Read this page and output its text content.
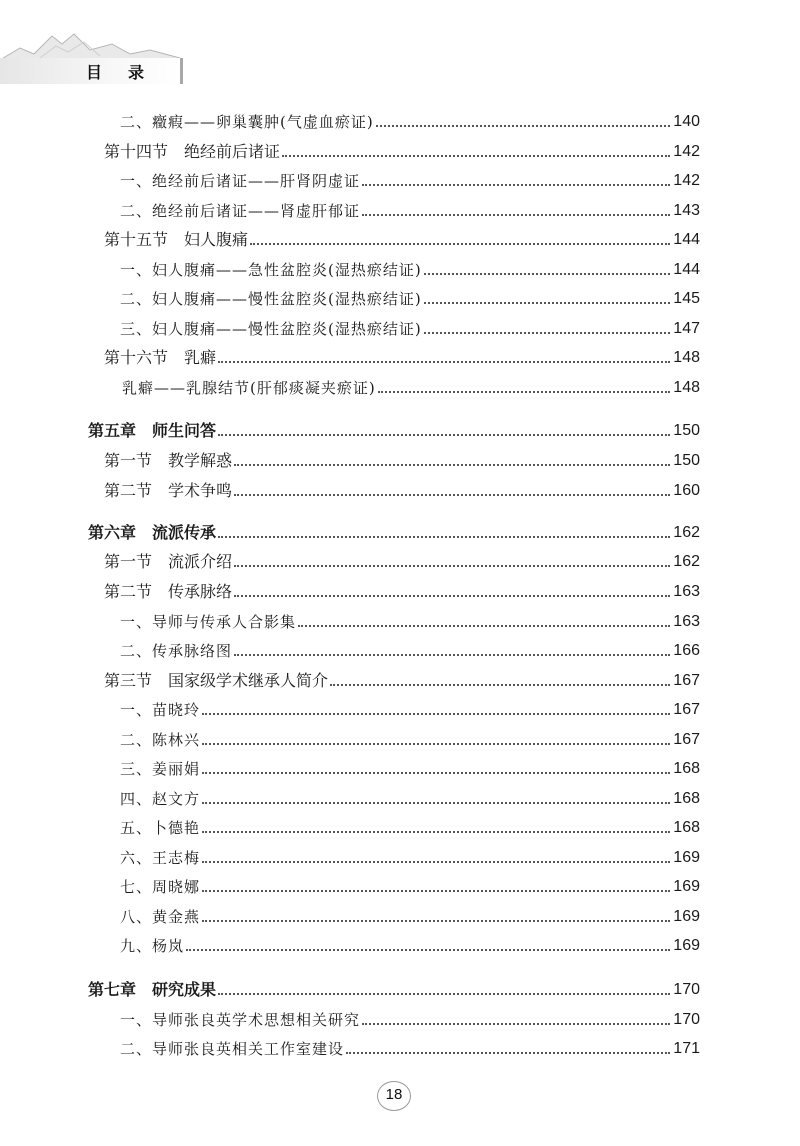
目录
二、癥瘕——卵巢囊肿(气虚血瘀证)	140
第十四节　绝经前后诸证	142
一、绝经前后诸证——肝肾阴虚证	142
二、绝经前后诸证——肾虚肝郁证	143
第十五节　妇人腹痛	144
一、妇人腹痛——急性盆腔炎(湿热瘀结证)	144
二、妇人腹痛——慢性盆腔炎(湿热瘀结证)	145
三、妇人腹痛——慢性盆腔炎(湿热瘀结证)	147
第十六节　乳癖	148
乳癖——乳腺结节(肝郁痰凝夹瘀证)	148
第五章　师生问答	150
第一节　教学解惑	150
第二节　学术争鸣	160
第六章　流派传承	162
第一节　流派介绍	162
第二节　传承脉络	163
一、导师与传承人合影集	163
二、传承脉络图	166
第三节　国家级学术继承人简介	167
一、苗晓玲	167
二、陈林兴	167
三、姜丽娟	168
四、赵文方	168
五、卜德艳	168
六、王志梅	169
七、周晓娜	169
八、黄金燕	169
九、杨岚	169
第七章　研究成果	170
一、导师张良英学术思想相关研究	170
二、导师张良英相关工作室建设	171
18
